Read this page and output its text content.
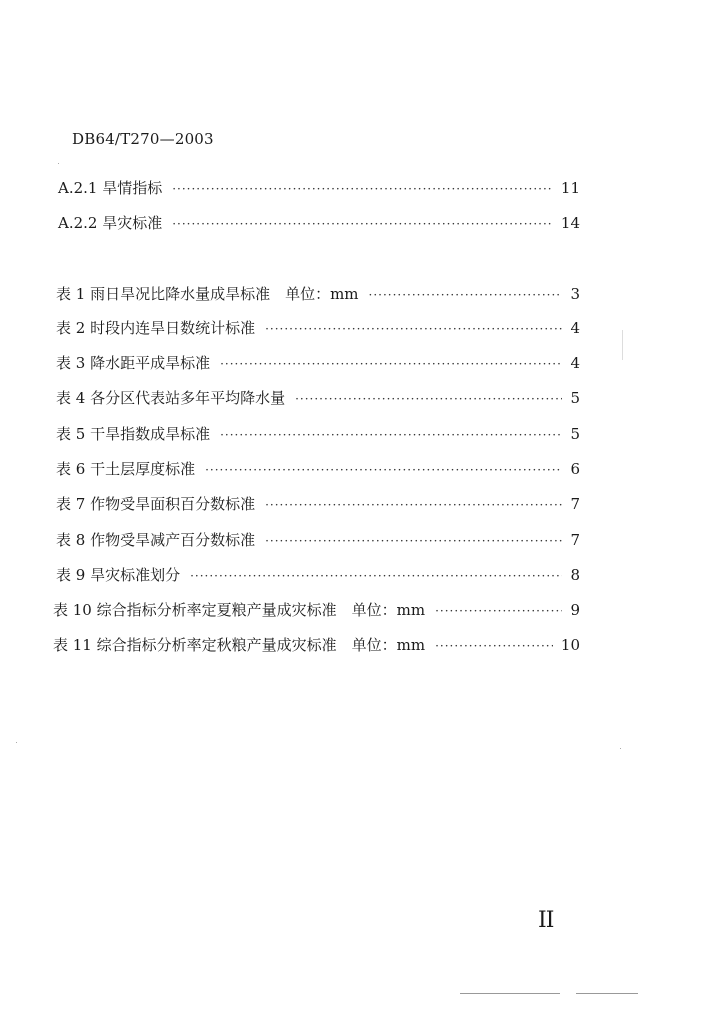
DB64/T270—2003
A.2.1 旱情指标 ·····	11
A.2.2 旱灾标准 ·····	14
表 1 雨日旱况比降水量成旱标准　单位：mm ·····	3
表 2 时段内连旱日数统计标准 ·····	4
表 3 降水距平成旱标准 ·····	4
表 4 各分区代表站多年平均降水量 ·····	5
表 5 干旱指数成旱标准 ·····	5
表 6 干土层厚度标准 ·····	6
表 7 作物受旱面积百分数标准 ·····	7
表 8 作物受旱减产百分数标准 ·····	7
表 9 旱灾标准划分 ·····	8
表 10 综合指标分析率定夏粮产量成灾标准　单位：mm ·····	9
表 11 综合指标分析率定秋粮产量成灾标准　单位：mm ·····	10
II
